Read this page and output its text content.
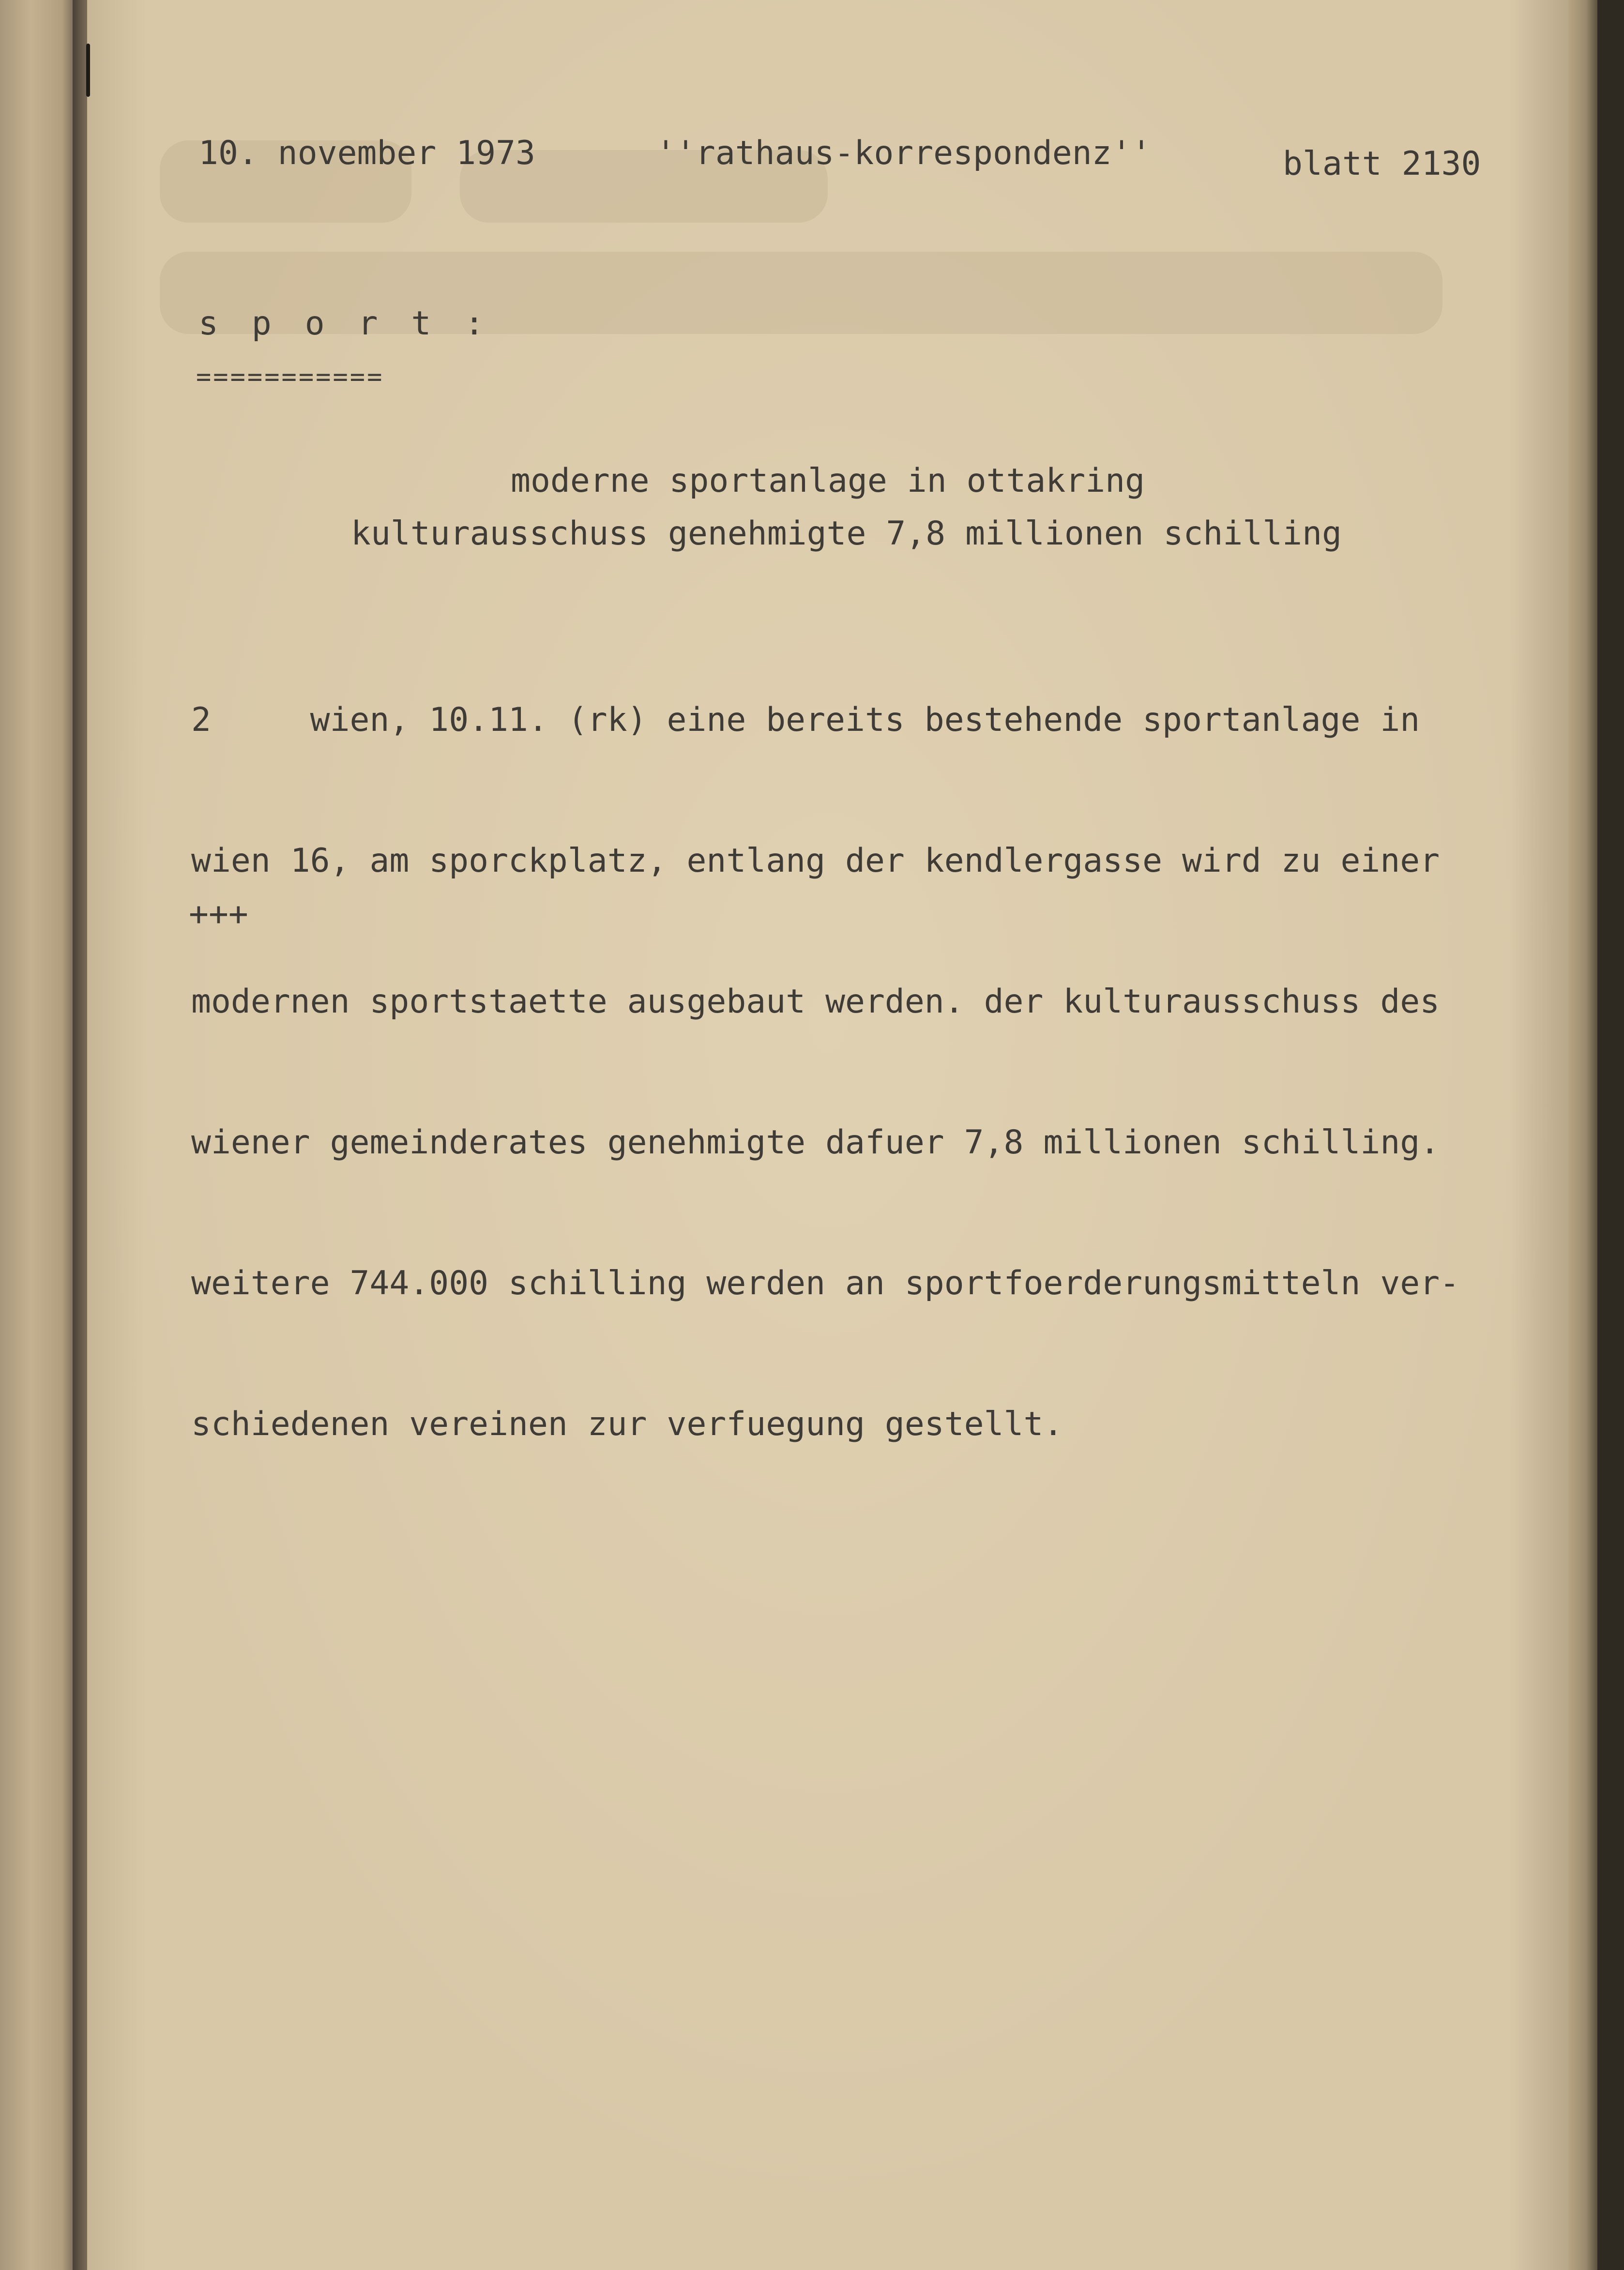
10. november 1973	''rathaus-korrespondenz''	blatt 2130

s p o r t :

===========

moderne sportanlage in ottakring

kulturausschuss genehmigte 7,8 millionen schilling

2     wien, 10.11. (rk) eine bereits bestehende sportanlage in

wien 16, am sporckplatz, entlang der kendlergasse wird zu einer

modernen sportstaette ausgebaut werden. der kulturausschuss des

wiener gemeinderates genehmigte dafuer 7,8 millionen schilling.

weitere 744.000 schilling werden an sportfoerderungsmitteln ver-

schiedenen vereinen zur verfuegung gestellt.

+++
